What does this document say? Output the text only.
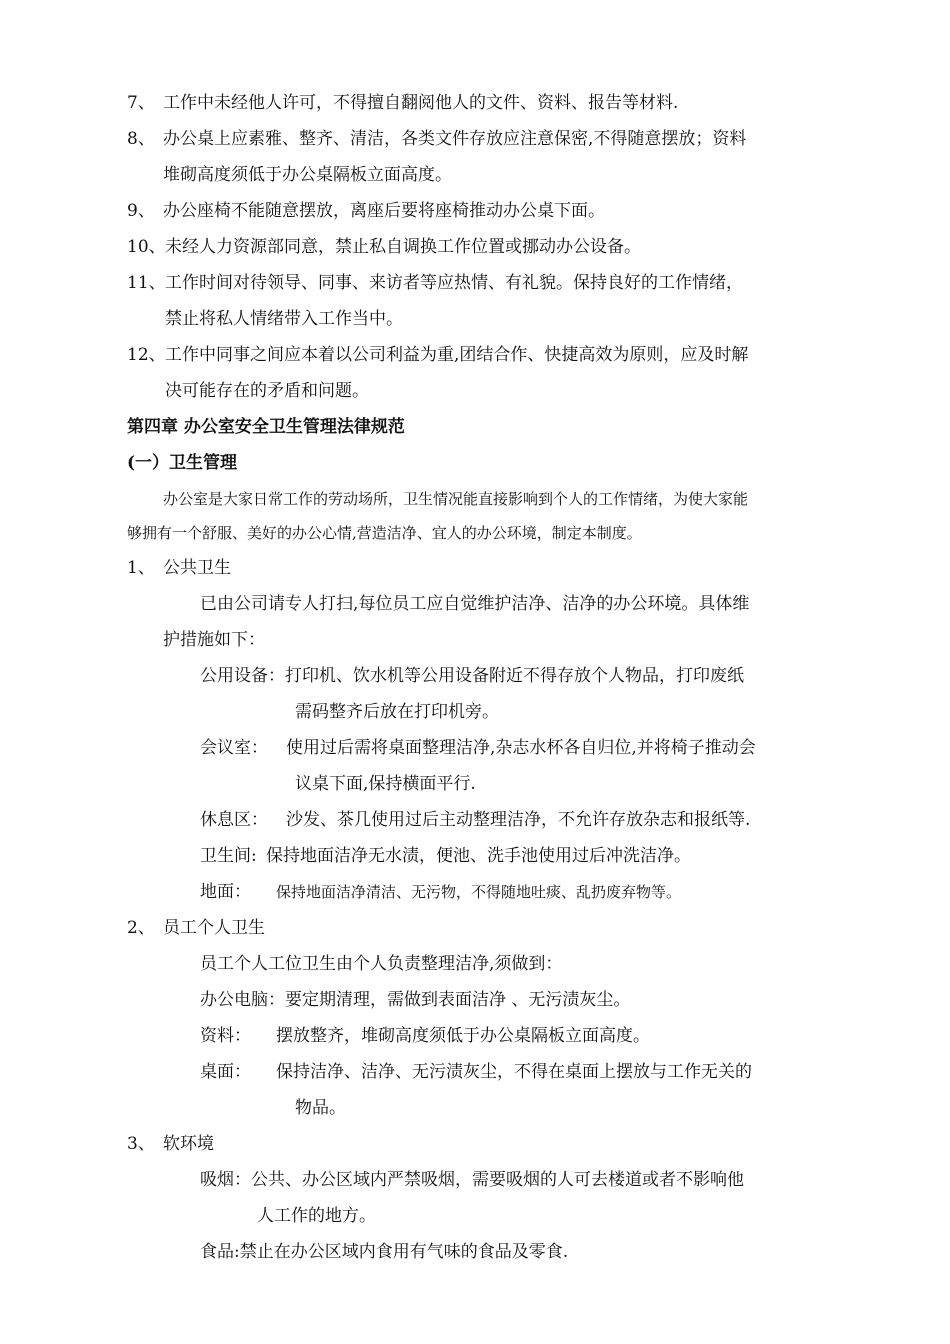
7、 工作中未经他人许可，不得擅自翻阅他人的文件、资料、报告等材料.
8、 办公桌上应素雅、整齐、清洁，各类文件存放应注意保密,不得随意摆放；资料
堆砌高度须低于办公桌隔板立面高度。
9、 办公座椅不能随意摆放，离座后要将座椅推动办公桌下面。
10、未经人力资源部同意，禁止私自调换工作位置或挪动办公设备。
11、工作时间对待领导、同事、来访者等应热情、有礼貌。保持良好的工作情绪，
禁止将私人情绪带入工作当中。
12、工作中同事之间应本着以公司利益为重,团结合作、快捷高效为原则，应及时解
决可能存在的矛盾和问题。
第四章 办公室安全卫生管理法律规范
(一）卫生管理
办公室是大家日常工作的劳动场所，卫生情况能直接影响到个人的工作情绪，为使大家能
够拥有一个舒服、美好的办公心情,营造洁净、宜人的办公环境，制定本制度。
1、 公共卫生
已由公司请专人打扫,每位员工应自觉维护洁净、洁净的办公环境。具体维
护措施如下：
公用设备：打印机、饮水机等公用设备附近不得存放个人物品，打印废纸
需码整齐后放在打印机旁。
会议室： 使用过后需将桌面整理洁净,杂志水杯各自归位,并将椅子推动会
议桌下面,保持横面平行.
休息区： 沙发、茶几使用过后主动整理洁净，不允许存放杂志和报纸等.
卫生间: 保持地面洁净无水渍，便池、洗手池使用过后冲洗洁净。
地面： 保持地面洁净清洁、无污物，不得随地吐痰、乱扔废弃物等。
2、 员工个人卫生
员工个人工位卫生由个人负责整理洁净,须做到：
办公电脑：要定期清理，需做到表面洁净 、无污渍灰尘。
资料： 摆放整齐，堆砌高度须低于办公桌隔板立面高度。
桌面： 保持洁净、洁净、无污渍灰尘，不得在桌面上摆放与工作无关的
物品。
3、 软环境
吸烟：公共、办公区域内严禁吸烟，需要吸烟的人可去楼道或者不影响他
人工作的地方。
食品:禁止在办公区域内食用有气味的食品及零食.
